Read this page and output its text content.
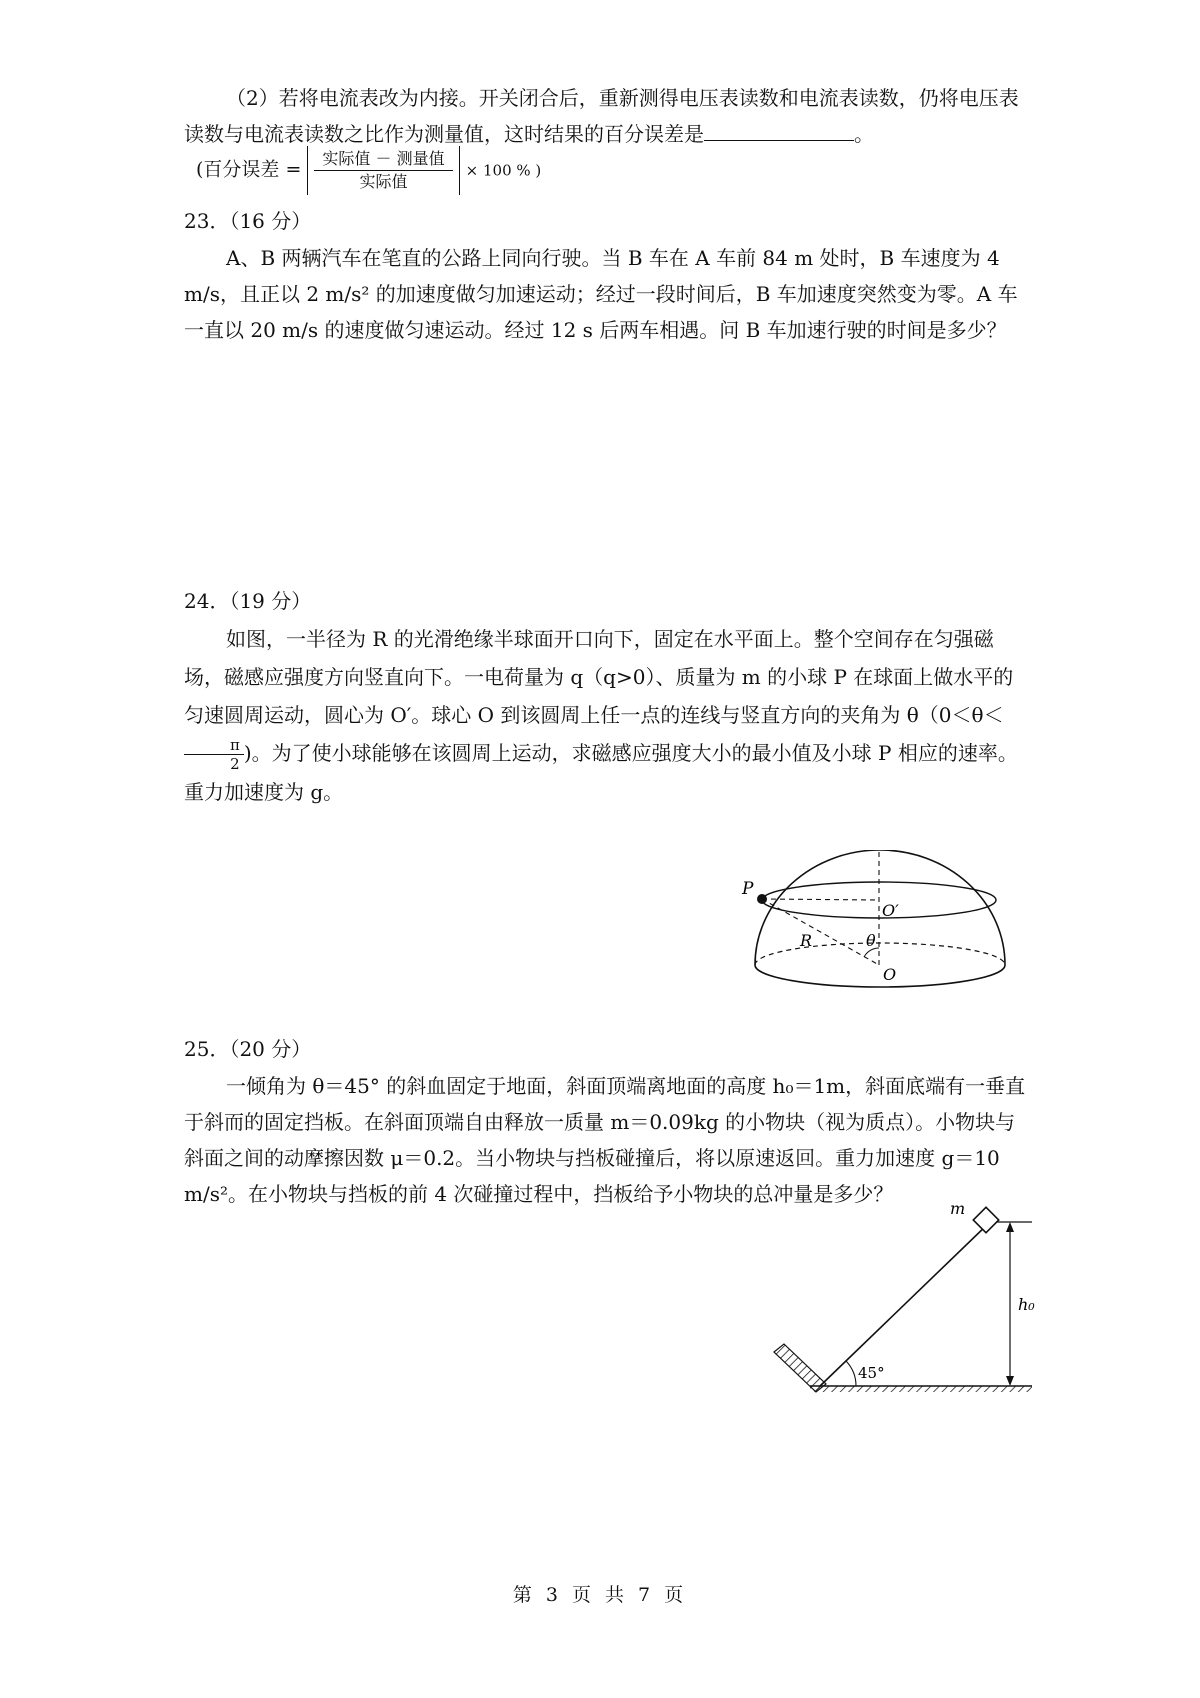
（2）若将电流表改为内接。开关闭合后，重新测得电压表读数和电流表读数，仍将电压表读数与电流表读数之比作为测量值，这时结果的百分误差是	。

(百分误差 = $\frac{\text{实际值 － 测量值}}{\text{实际值}} \times 100$ % )
23．（16 分）

A、B 两辆汽车在笔直的公路上同向行驶。当 B 车在 A 车前 84 m 处时，B 车速度为 4 m/s，且正以 2 m/s² 的加速度做匀加速运动；经过一段时间后，B 车加速度突然变为零。A 车一直以 20 m/s 的速度做匀速运动。经过 12 s 后两车相遇。问 B 车加速行驶的时间是多少？

24．（19 分）

如图，一半径为 R 的光滑绝缘半球面开口向下，固定在水平面上。整个空间存在匀强磁场，磁感应强度方向竖直向下。一电荷量为 q（q>0）、质量为 m 的小球 P 在球面上做水平的匀速圆周运动，圆心为 O′。球心 O 到该圆周上任一点的连线与竖直方向的夹角为 θ（0＜θ＜
$\frac{\pi}{2}$ )。为了使小球能够在该圆周上运动，求磁感应强度大小的最小值及小球 P 相应的速率。重力加速度为 g。

P
O′
R	θ
O
25．（20 分）

一倾角为 θ＝45° 的斜血固定于地面，斜面顶端离地面的高度 h₀＝1m，斜面底端有一垂直于斜而的固定挡板。在斜面顶端自由释放一质量 m＝0.09kg 的小物块（视为质点）。小物块与斜面之间的动摩擦因数 μ＝0.2。当小物块与挡板碰撞后，将以原速返回。重力加速度 g＝10 m/s²。在小物块与挡板的前 4 次碰撞过程中，挡板给予小物块的总冲量是多少？

m
h₀
45°
第 3 页 共 7 页
